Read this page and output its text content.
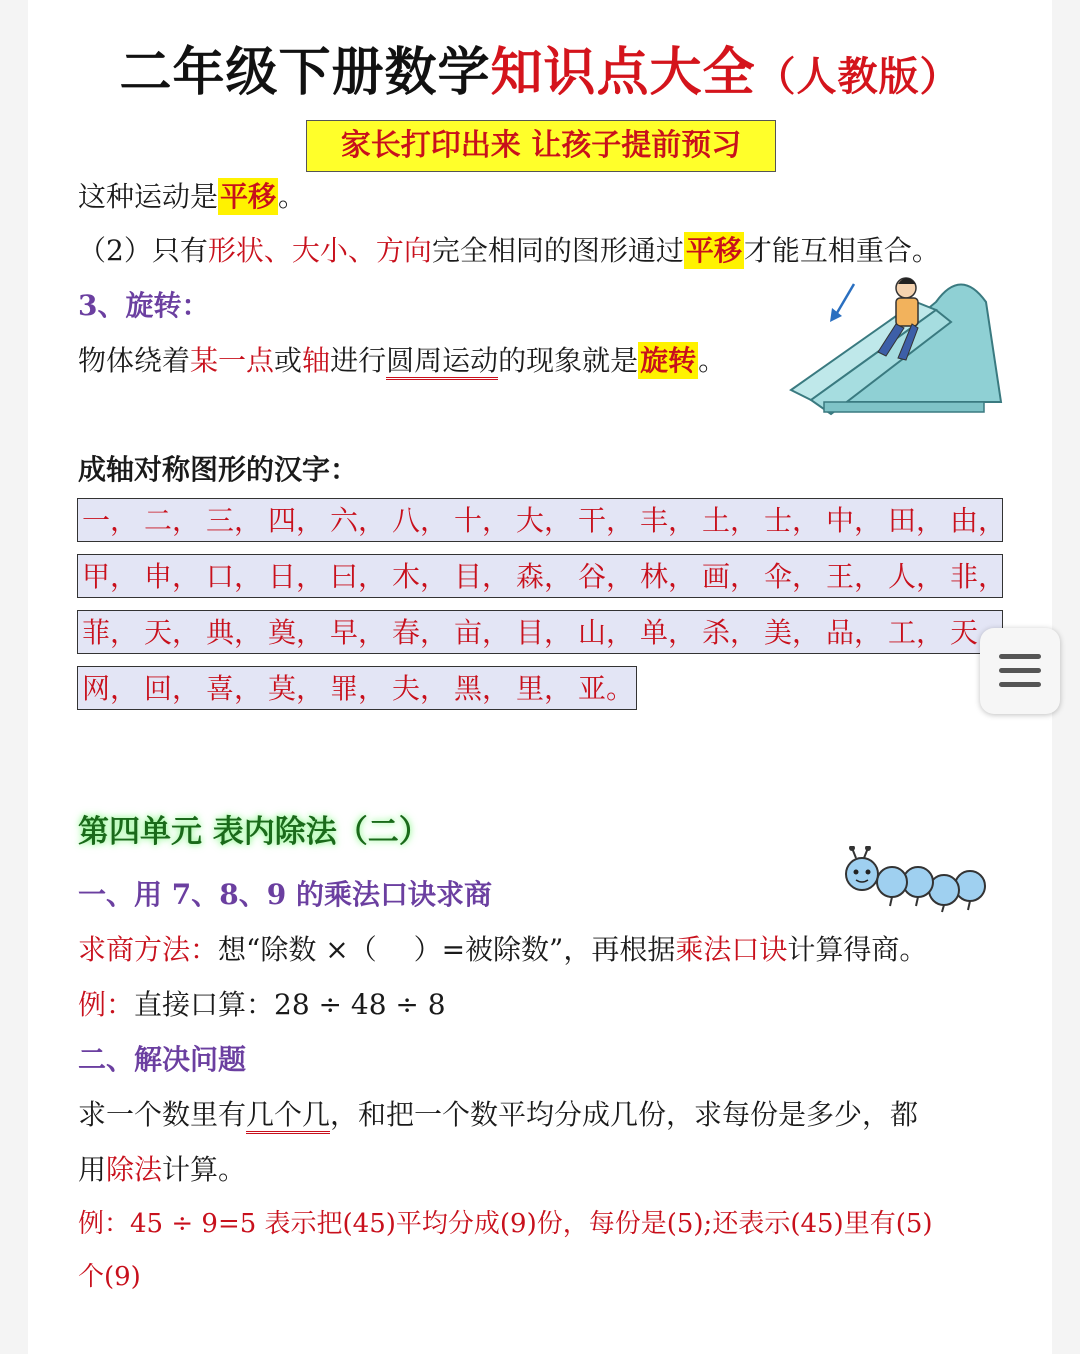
二年级下册数学知识点大全（人教版）
家长打印出来 让孩子提前预习
这种运动是平移。
（2）只有形状、大小、方向完全相同的图形通过平移才能互相重合。
3、旋转：
物体绕着某一点或轴进行圆周运动的现象就是旋转。
成轴对称图形的汉字：
一， 二， 三， 四， 六， 八， 十， 大， 干， 丰， 土， 士， 中， 田， 由，
甲， 申， 口， 日， 曰， 木， 目， 森， 谷， 林， 画， 伞， 王， 人， 非，
菲， 天， 典， 奠， 早， 春， 亩， 目， 山， 单， 杀， 美， 品， 工， 天
网， 回， 喜， 莫， 罪， 夫， 黑， 里， 亚。
第四单元 表内除法（二）
一、用 7、8、9 的乘法口诀求商
求商方法：想“除数 ×（　 ）=被除数”，再根据乘法口诀计算得商。
例：直接口算：28 ÷ 48 ÷ 8
二、解决问题
求一个数里有几个几，和把一个数平均分成几份，求每份是多少，都
用除法计算。
例：45 ÷ 9=5 表示把(45)平均分成(9)份，每份是(5);还表示(45)里有(5)
个(9)
